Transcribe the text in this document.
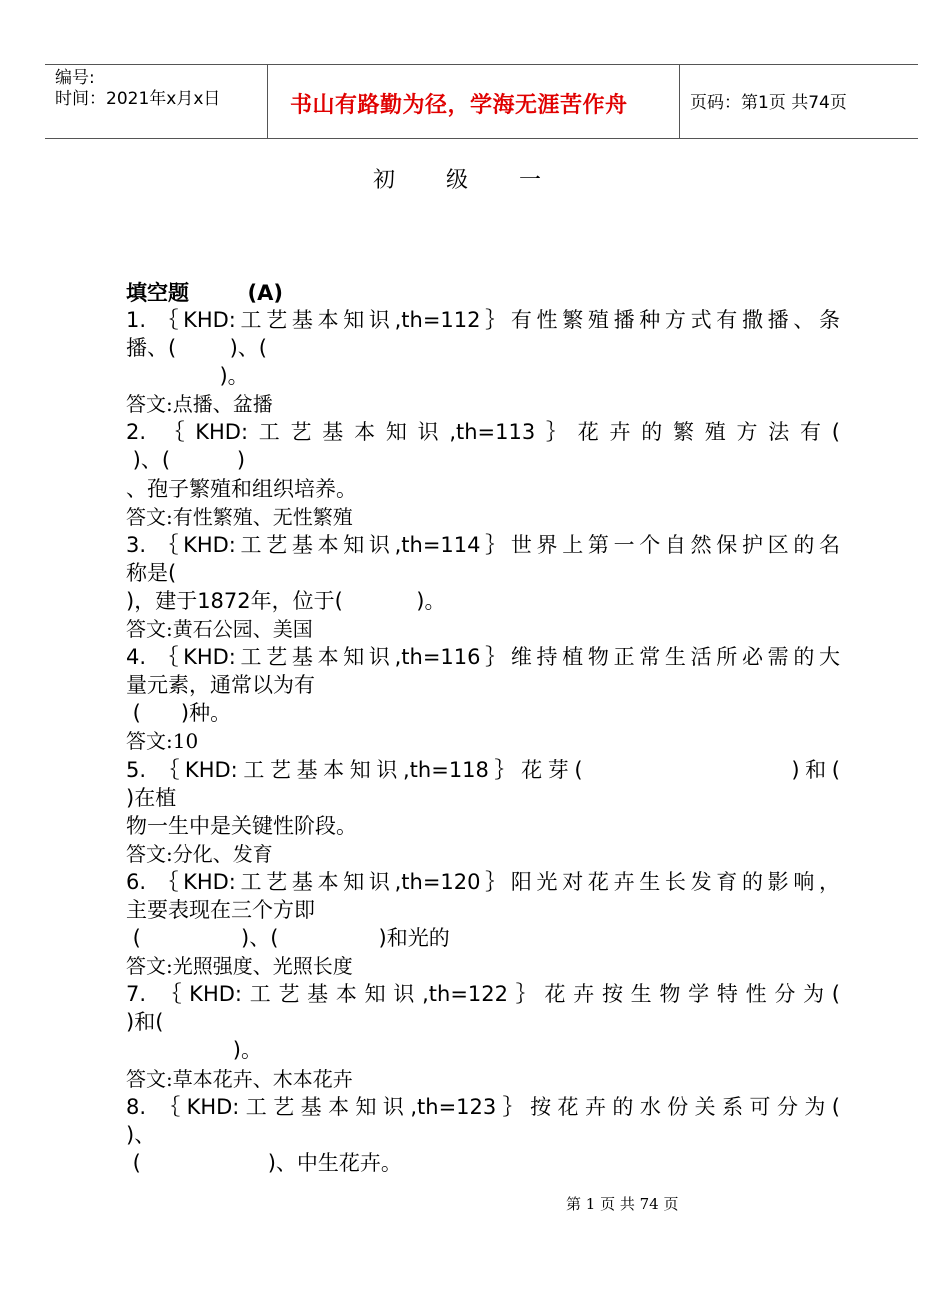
编号:
时间：2021年x月x日	书山有路勤为径，学海无涯苦作舟	页码：第1页 共74页
初 级 一
填空题        (A)
1. ｛KHD:工艺基本知识,th=112｝有性繁殖播种方式有撒播、条
播、(        )、(
)。
答文:点播、盆播
2. ｛KHD:工艺基本知识,th=113｝花卉的繁殖方法有(
)、(          )
、孢子繁殖和组织培养。
答文:有性繁殖、无性繁殖
3. ｛KHD:工艺基本知识,th=114｝世界上第一个自然保护区的名
称是(
)，建于1872年，位于(           )。
答文:黄石公园、美国
4. ｛KHD:工艺基本知识,th=116｝维持植物正常生活所必需的大
量元素，通常以为有
(      )种。
答文:10
5. ｛KHD:工艺基本知识,th=118｝花芽(                 )和(
)在植
物一生中是关键性阶段。
答文:分化、发育
6. ｛KHD:工艺基本知识,th=120｝阳光对花卉生长发育的影响，
主要表现在三个方即
(               )、(               )和光的
答文:光照强度、光照长度
7. ｛KHD:工艺基本知识,th=122｝花卉按生物学特性分为(
)和(
)。
答文:草本花卉、木本花卉
8. ｛KHD:工艺基本知识,th=123｝按花卉的水份关系可分为(
)、
(                   )、中生花卉。
第 1 页 共 74 页
